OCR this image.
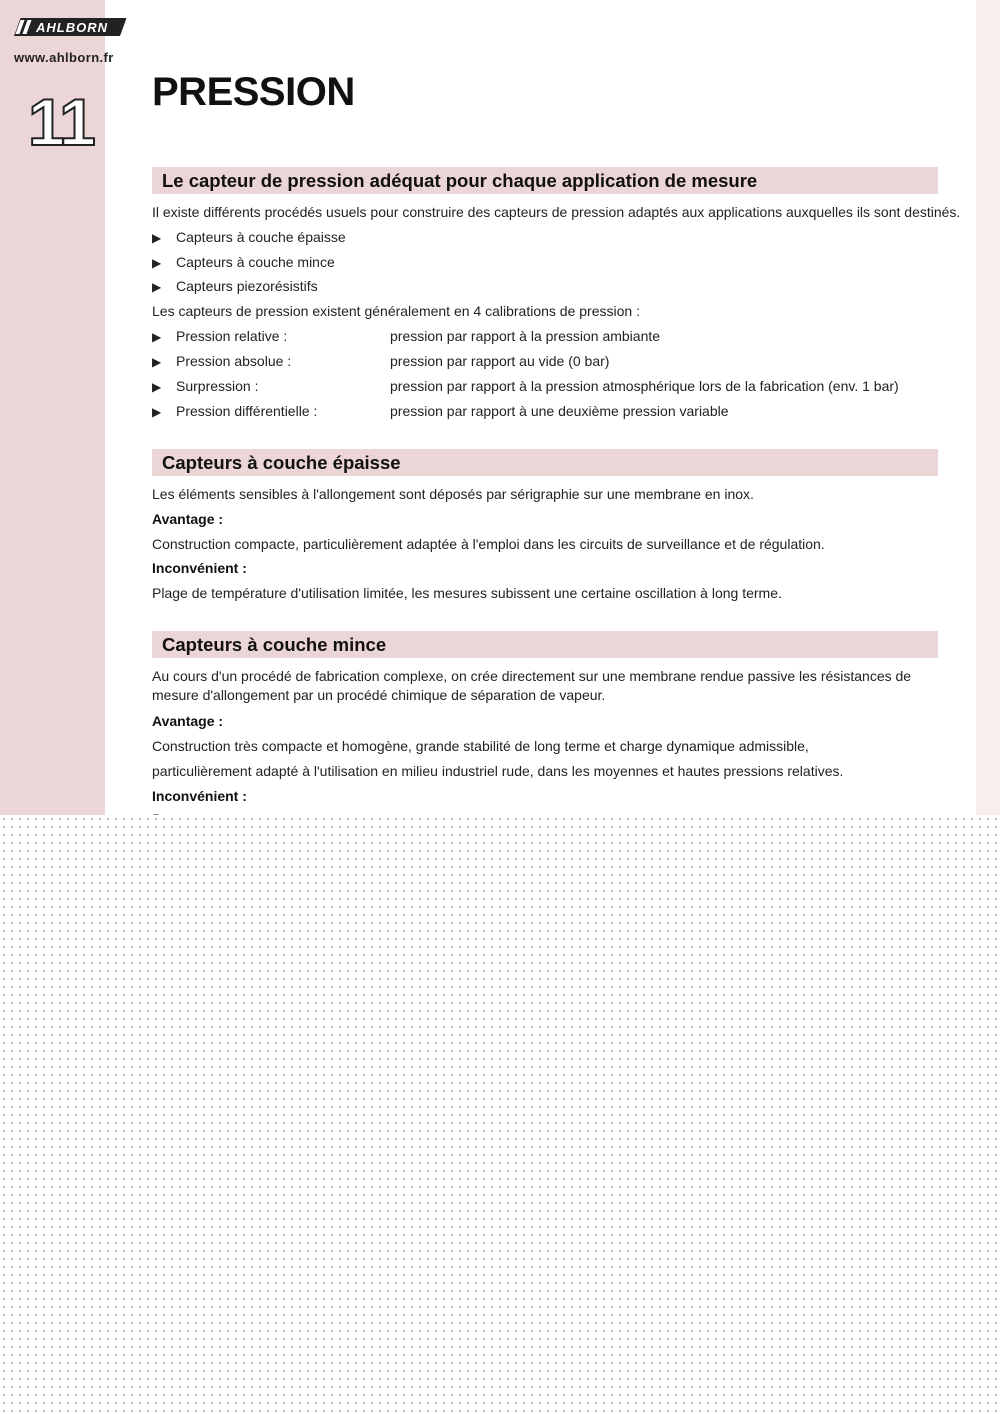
AHLBORN
www.ahlborn.fr
11 PRESSION
Le capteur de pression adéquat pour chaque application de mesure
Il existe différents procédés usuels pour construire des capteurs de pression adaptés aux applications auxquelles ils sont destinés.
▶ Capteurs à couche épaisse
▶ Capteurs à couche mince
▶ Capteurs piezorésistifs
Les capteurs de pression existent généralement en 4 calibrations de pression :
▶ Pression relative :	pression par rapport à la pression ambiante
▶ Pression absolue :	pression par rapport au vide (0 bar)
▶ Surpression :	pression par rapport à la pression atmosphérique lors de la fabrication (env. 1 bar)
▶ Pression différentielle :	pression par rapport à une deuxième pression variable
Capteurs à couche épaisse
Les éléments sensibles à l'allongement sont déposés par sérigraphie sur une membrane en inox.
Avantage :
Construction compacte, particulièrement adaptée à l'emploi dans les circuits de surveillance et de régulation.
Inconvénient :
Plage de température d'utilisation limitée, les mesures subissent une certaine oscillation à long terme.
Capteurs à couche mince
Au cours d'un procédé de fabrication complexe, on crée directement sur une membrane rendue passive les résistances de mesure d'allongement par un procédé chimique de séparation de vapeur.
Avantage :
Construction très compacte et homogène, grande stabilité de long terme et charge dynamique admissible,
particulièrement adapté à l'utilisation en milieu industriel rude, dans les moyennes et hautes pressions relatives.
Inconvénient :
